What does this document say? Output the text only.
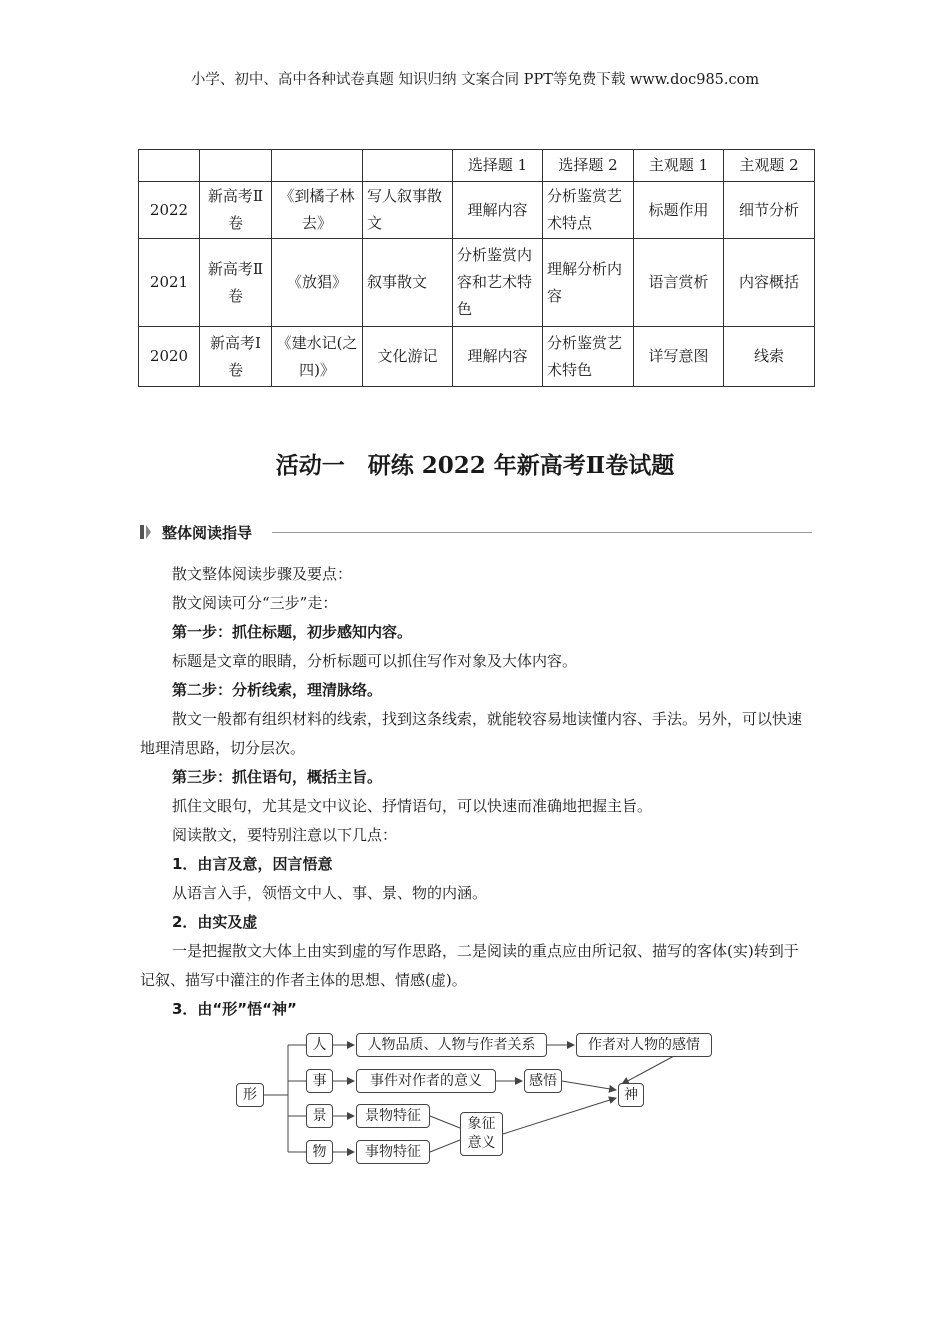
小学、初中、高中各种试卷真题 知识归纳 文案合同 PPT等免费下载 www.doc985.com
				选择题 1	选择题 2	主观题 1	主观题 2
2022	新高考Ⅱ卷	《到橘子林去》	写人叙事散文	理解内容	分析鉴赏艺术特点	标题作用	细节分析
2021	新高考Ⅱ卷	《放猖》	叙事散文	分析鉴赏内容和艺术特色	理解分析内容	语言赏析	内容概括
2020	新高考Ⅰ卷	《建水记(之四)》	文化游记	理解内容	分析鉴赏艺术特色	详写意图	线索
活动一　研练 2022 年新高考Ⅱ卷试题
整体阅读指导

散文整体阅读步骤及要点：

散文阅读可分“三步”走：

第一步：抓住标题，初步感知内容。

标题是文章的眼睛，分析标题可以抓住写作对象及大体内容。

第二步：分析线索，理清脉络。

散文一般都有组织材料的线索，找到这条线索，就能较容易地读懂内容、手法。另外，可以快速地理清思路，切分层次。

第三步：抓住语句，概括主旨。

抓住文眼句，尤其是文中议论、抒情语句，可以快速而准确地把握主旨。

阅读散文，要特别注意以下几点：

1．由言及意，因言悟意

从语言入手，领悟文中人、事、景、物的内涵。

2．由实及虚

一是把握散文大体上由实到虚的写作思路，二是阅读的重点应由所记叙、描写的客体(实)转到于记叙、描写中灌注的作者主体的思想、情感(虚)。

3．由“形”悟“神”

形
人
事
景
物
人物品质、人物与作者关系	作者对人物的感情
事件对作者的意义	感悟
景物特征
事物特征
象征意义
神
